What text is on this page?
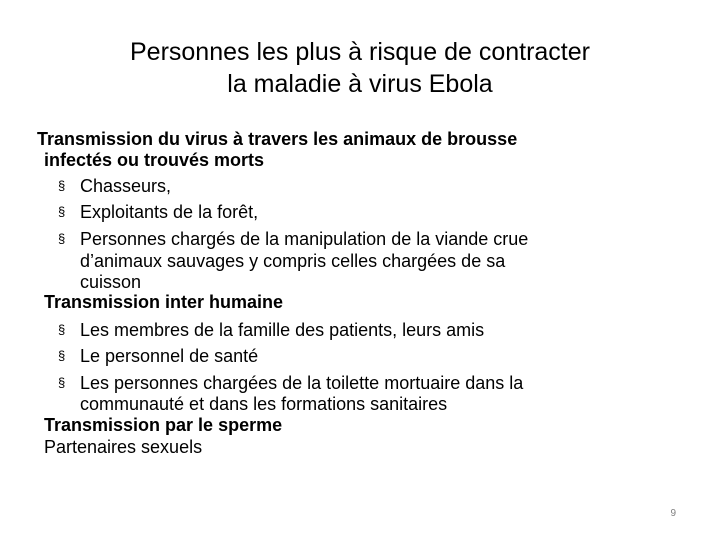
Personnes les plus à risque de contracter
la maladie à virus Ebola
Transmission du virus à travers les animaux de brousse
infectés ou trouvés morts
§ Chasseurs,
§ Exploitants de la forêt,
§ Personnes chargés de la manipulation de la viande crue
d’animaux sauvages y compris celles chargées de sa
cuisson
Transmission inter humaine
§ Les membres de la famille des patients, leurs amis
§ Le personnel de santé
§ Les personnes chargées de la toilette mortuaire dans la
communauté et dans les formations sanitaires
Transmission par le sperme
Partenaires sexuels
9
